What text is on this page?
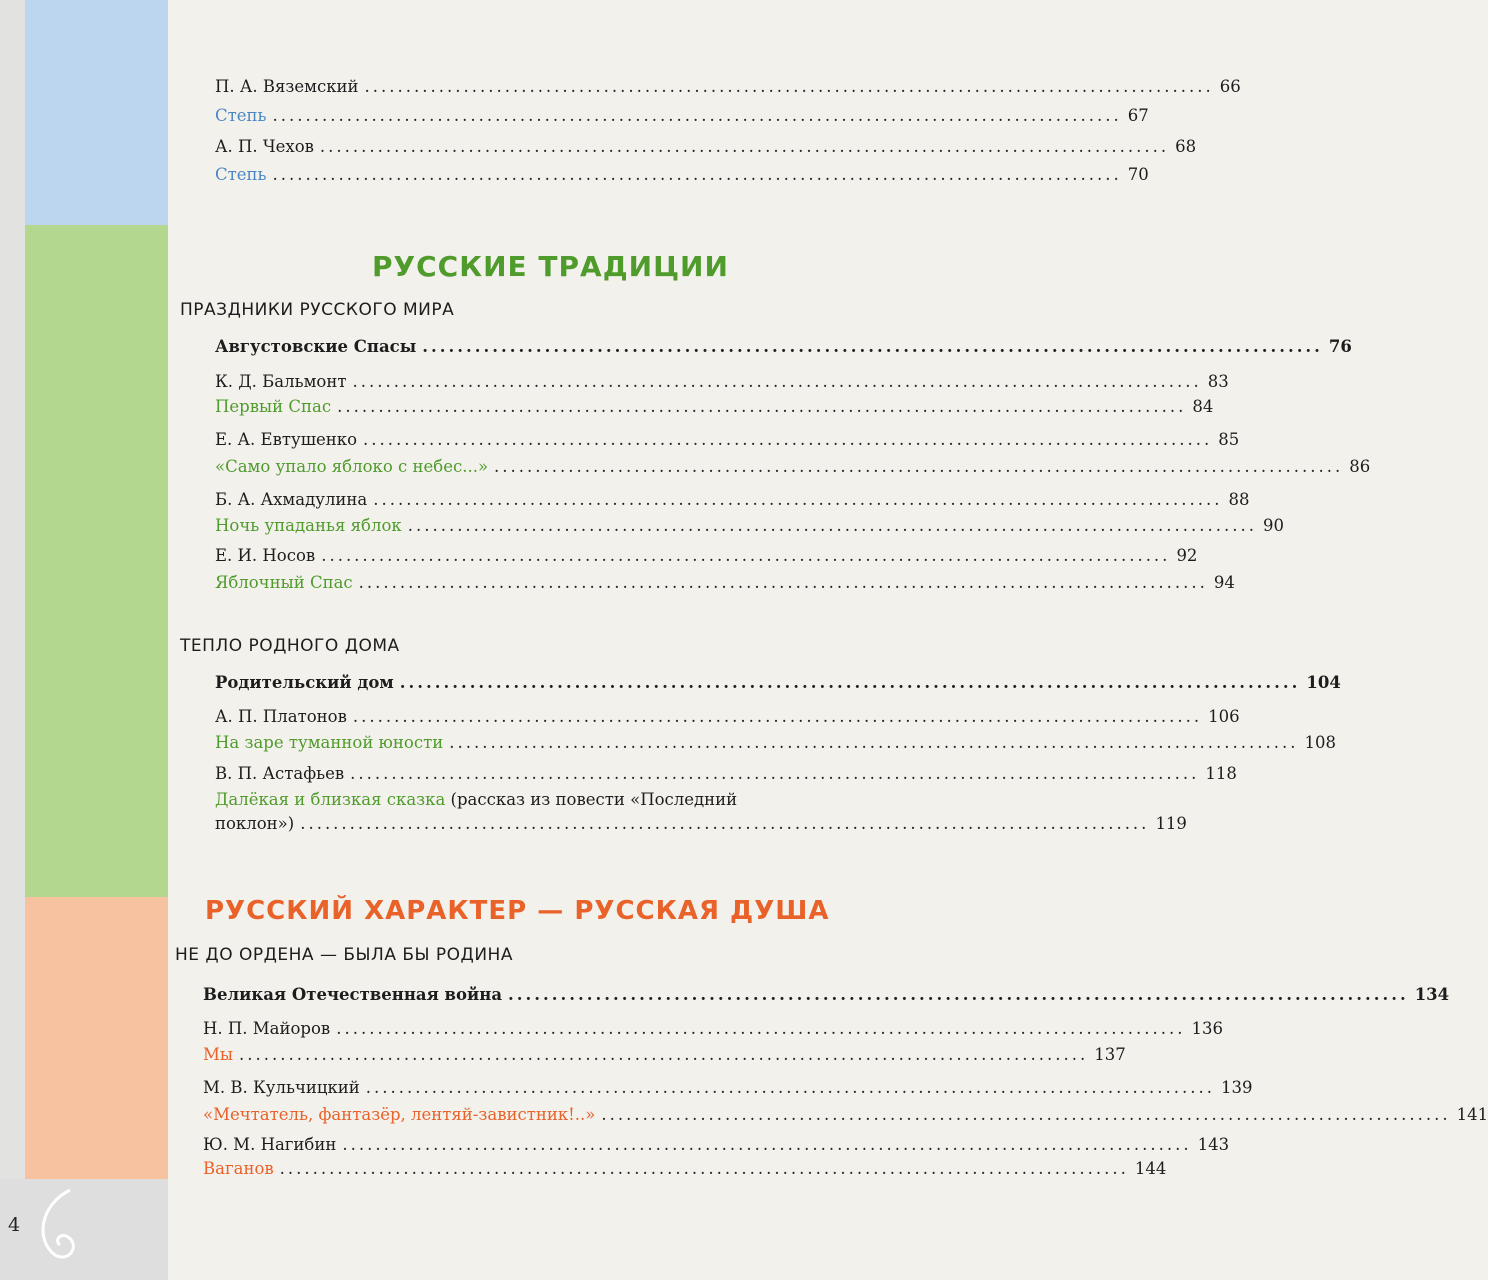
4
П. А. Вяземский ....................................................................................................... 66
Степь ....................................................................................................... 67
А. П. Чехов ....................................................................................................... 68
Степь ....................................................................................................... 70
РУССКИЕ ТРАДИЦИИ
ПРАЗДНИКИ РУССКОГО МИРА
Августовские Спасы ....................................................................................................... 76
К. Д. Бальмонт ....................................................................................................... 83
Первый Спас ....................................................................................................... 84
Е. А. Евтушенко ....................................................................................................... 85
«Само упало яблоко с небес...» ....................................................................................................... 86
Б. А. Ахмадулина ....................................................................................................... 88
Ночь упаданья яблок ....................................................................................................... 90
Е. И. Носов ....................................................................................................... 92
Яблочный Спас ....................................................................................................... 94
ТЕПЛО РОДНОГО ДОМА
Родительский дом ....................................................................................................... 104
А. П. Платонов ....................................................................................................... 106
На заре туманной юности ....................................................................................................... 108
В. П. Астафьев ....................................................................................................... 118
Далёкая и близкая сказка (рассказ из повести «Последний
поклон») ....................................................................................................... 119
РУССКИЙ ХАРАКТЕР — РУССКАЯ ДУША
НЕ ДО ОРДЕНА — БЫЛА БЫ РОДИНА
Великая Отечественная война ....................................................................................................... 134
Н. П. Майоров ....................................................................................................... 136
Мы ....................................................................................................... 137
М. В. Кульчицкий ....................................................................................................... 139
«Мечтатель, фантазёр, лентяй-завистник!..» ....................................................................................................... 141
Ю. М. Нагибин ....................................................................................................... 143
Ваганов ....................................................................................................... 144
